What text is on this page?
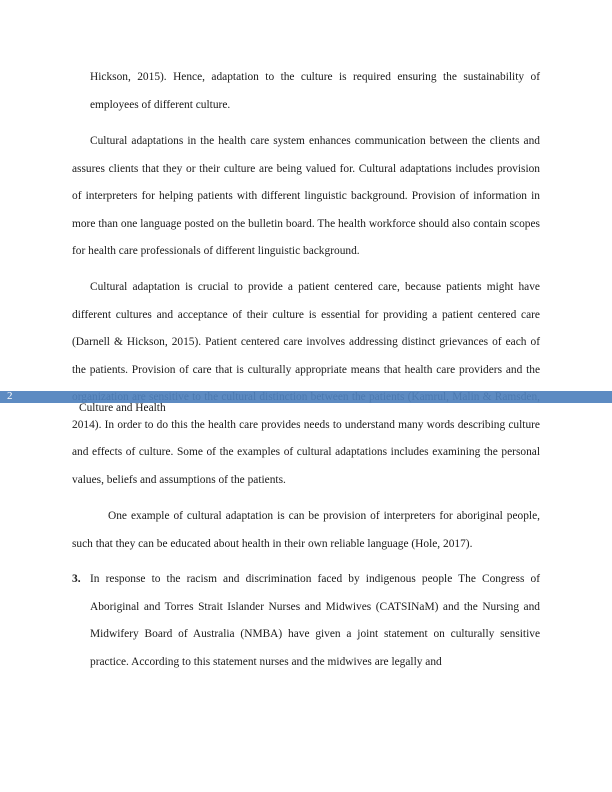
Hickson, 2015). Hence, adaptation to the culture is required ensuring the sustainability of employees of different culture.

Cultural adaptations in the health care system enhances communication between the clients and assures clients that they or their culture are being valued for. Cultural adaptations includes provision of interpreters for helping patients with different linguistic background. Provision of information in more than one language posted on the bulletin board. The health workforce should also contain scopes for health care professionals of different linguistic background.

Cultural adaptation is crucial to provide a patient centered care, because patients might have different cultures and acceptance of their culture is essential for providing a patient centered care (Darnell & Hickson, 2015). Patient centered care involves addressing distinct grievances of each of the patients. Provision of care that is culturally appropriate means that health care providers and the 2014). In order to do this the health care provides needs to understand many words describing culture and effects of culture. Some of the examples of cultural adaptations includes examining the personal values, beliefs and assumptions of the patients.

2
Culture and Health

One example of cultural adaptation is can be provision of interpreters for aboriginal people, such that they can be educated about health in their own reliable language (Hole, 2017).

3. In response to the racism and discrimination faced by indigenous people The Congress of Aboriginal and Torres Strait Islander Nurses and Midwives (CATSINaM) and the Nursing and Midwifery Board of Australia (NMBA) have given a joint statement on culturally sensitive practice. According to this statement nurses and the midwives are legally and
